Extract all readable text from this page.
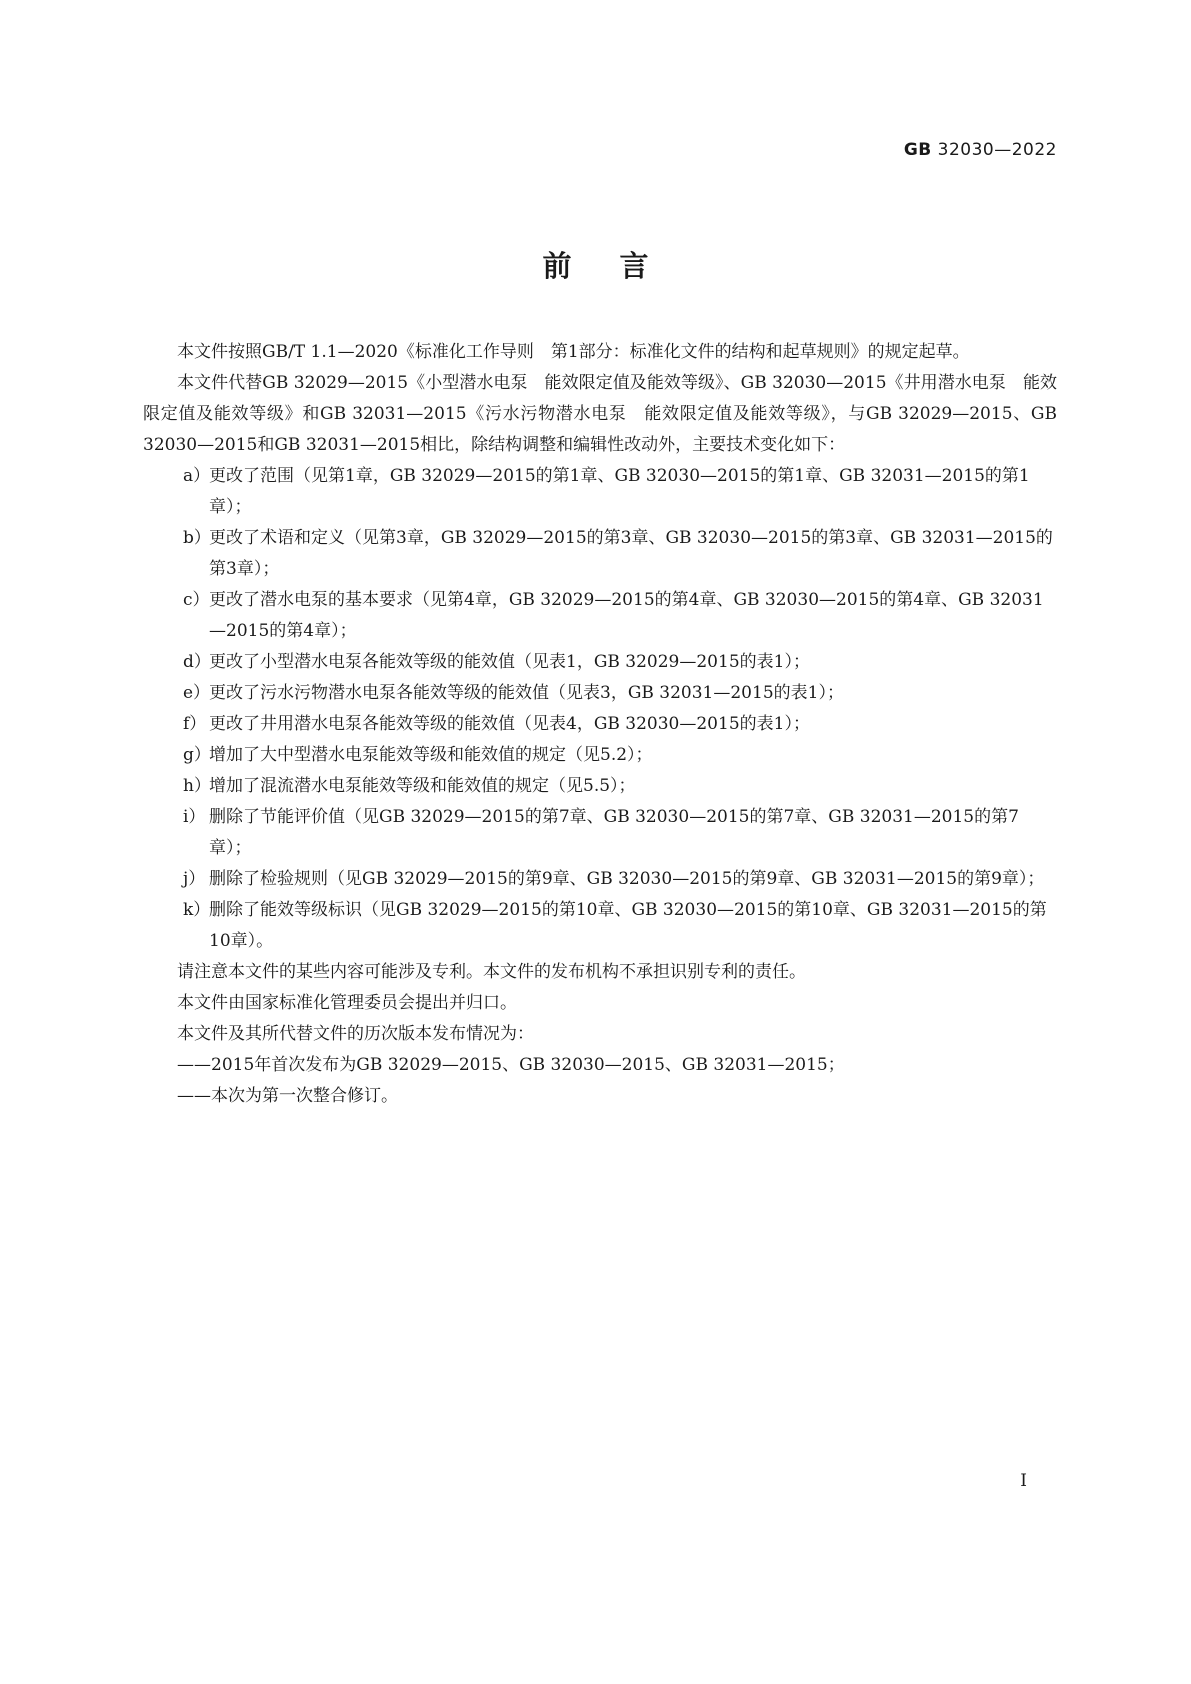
GB 32030—2022
前言

本文件按照GB/T 1.1—2020《标准化工作导则　第1部分：标准化文件的结构和起草规则》的规定起草。

本文件代替GB 32029—2015《小型潜水电泵　能效限定值及能效等级》、GB 32030—2015《井用潜水电泵　能效限定值及能效等级》和GB 32031—2015《污水污物潜水电泵　能效限定值及能效等级》，与GB 32029—2015、GB 32030—2015和GB 32031—2015相比，除结构调整和编辑性改动外，主要技术变化如下：

a）
更改了范围（见第1章，GB 32029—2015的第1章、GB 32030—2015的第1章、GB 32031—2015的第1章）；
b）
更改了术语和定义（见第3章，GB 32029—2015的第3章、GB 32030—2015的第3章、GB 32031—2015的第3章）；
c） 更改了潜水电泵的基本要求（见第4章，GB 32029—2015的第4章、GB 32030—2015的第4章、GB 32031—2015的第4章）；
d）
更改了小型潜水电泵各能效等级的能效值（见表1，GB 32029—2015的表1）；
e）
更改了污水污物潜水电泵各能效等级的能效值（见表3，GB 32031—2015的表1）；
f） 更改了井用潜水电泵各能效等级的能效值（见表4，GB 32030—2015的表1）；
g）
增加了大中型潜水电泵能效等级和能效值的规定（见5.2）；
h）
增加了混流潜水电泵能效等级和能效值的规定（见5.5）；
i） 删除了节能评价值（见GB 32029—2015的第7章、GB 32030—2015的第7章、GB 32031—2015的第7章）；
j） 删除了检验规则（见GB 32029—2015的第9章、GB 32030—2015的第9章、GB 32031—2015的第9章）；
k）
删除了能效等级标识（见GB 32029—2015的第10章、GB 32030—2015的第10章、GB 32031—2015的第10章）。
请注意本文件的某些内容可能涉及专利。本文件的发布机构不承担识别专利的责任。
本文件由国家标准化管理委员会提出并归口。
本文件及其所代替文件的历次版本发布情况为：
——2015年首次发布为GB 32029—2015、GB 32030—2015、GB 32031—2015；
——本次为第一次整合修订。
I
